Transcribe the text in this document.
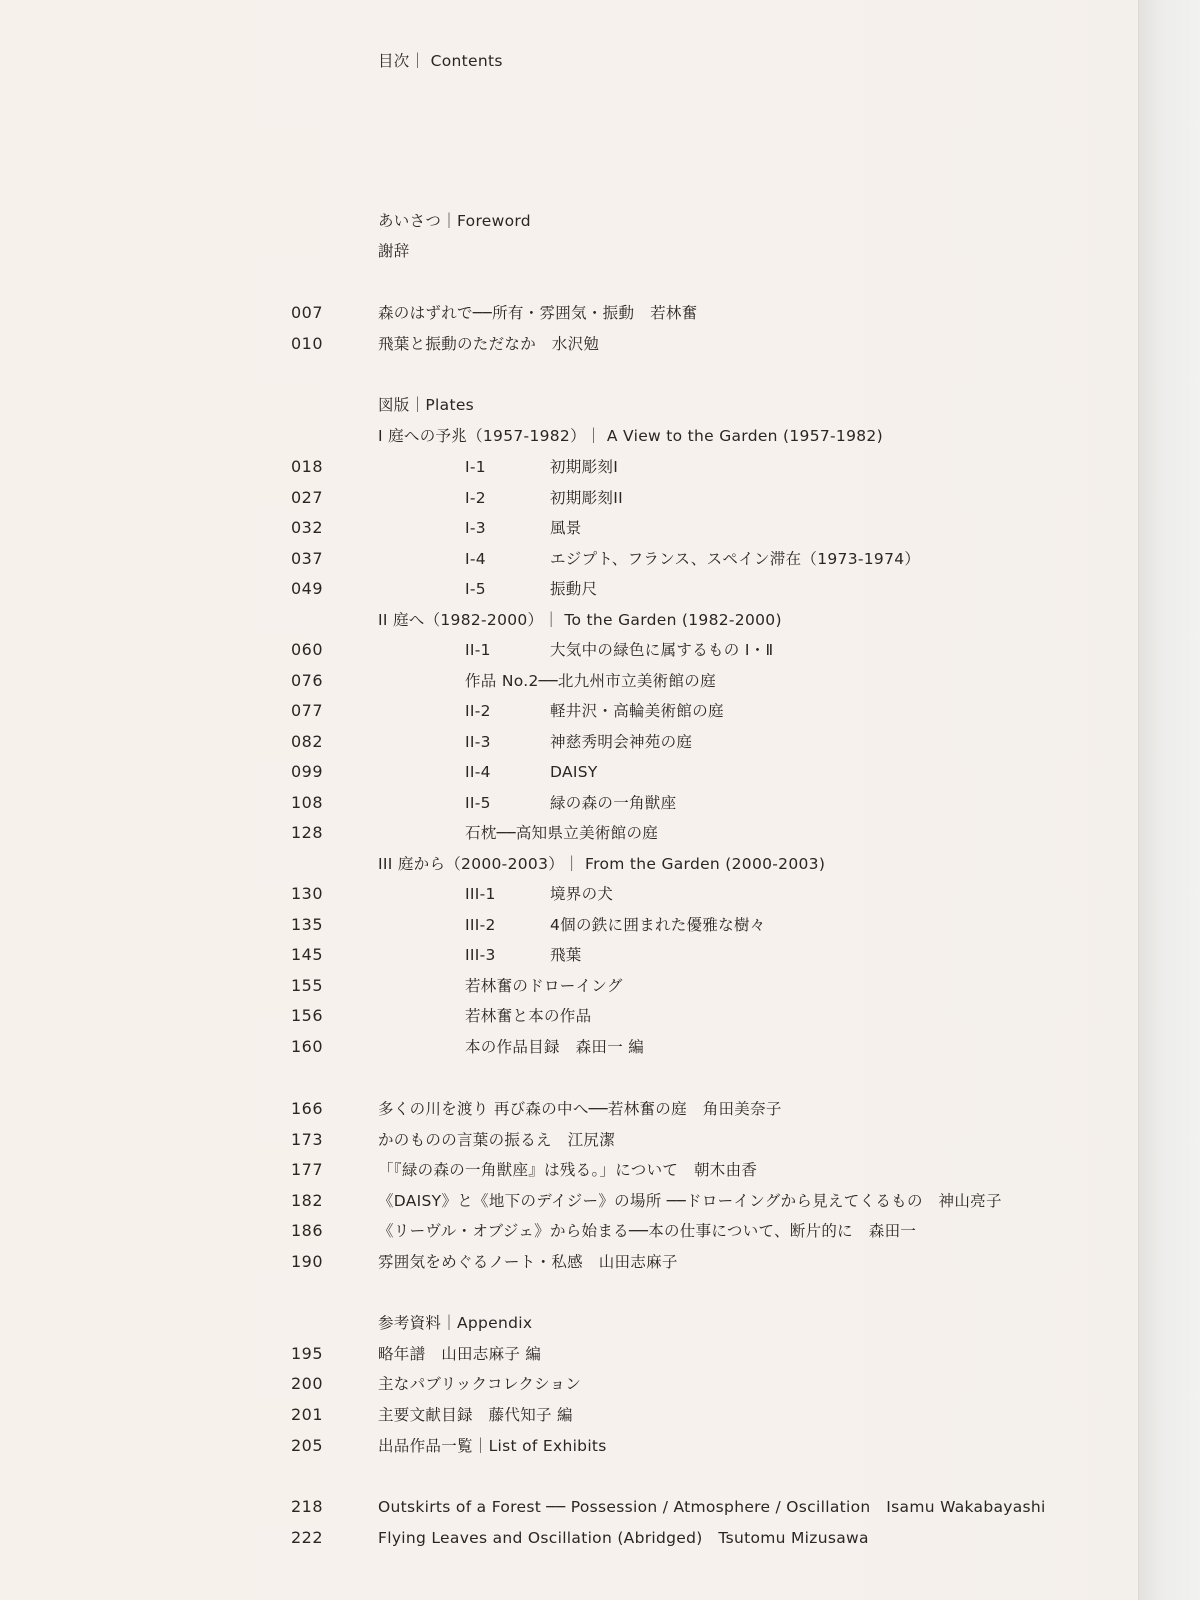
目次｜ Contents
あいさつ｜Foreword
謝辞
007	森のはずれで──所有・雰囲気・振動　若林奮
010	飛葉と振動のただなか　水沢勉
図版｜Plates
I 庭への予兆（1957-1982）｜ A View to the Garden (1957-1982)
018	I-1	初期彫刻I
027	I-2	初期彫刻II
032	I-3	風景
037	I-4	エジプト、フランス、スペイン滞在（1973-1974）
049	I-5	振動尺
II 庭へ（1982-2000）｜ To the Garden (1982-2000)
060	II-1	大気中の緑色に属するもの Ⅰ・Ⅱ
076	作品 No.2──北九州市立美術館の庭
077	II-2	軽井沢・高輪美術館の庭
082	II-3	神慈秀明会神苑の庭
099	II-4	DAISY
108	II-5	緑の森の一角獣座
128	石枕──高知県立美術館の庭
III 庭から（2000-2003）｜ From the Garden (2000-2003)
130	III-1	境界の犬
135	III-2	4個の鉄に囲まれた優雅な樹々
145	III-3	飛葉
155	若林奮のドローイング
156	若林奮と本の作品
160	本の作品目録　森田一 編
166	多くの川を渡り 再び森の中へ──若林奮の庭　角田美奈子
173	かのものの言葉の振るえ　江尻潔
177	「『緑の森の一角獣座』は残る。」について　朝木由香
182	《DAISY》と《地下のデイジー》の場所 ──ドローイングから見えてくるもの　神山亮子
186	《リーヴル・オブジェ》から始まる──本の仕事について、断片的に　森田一
190	雰囲気をめぐるノート・私感　山田志麻子
参考資料｜Appendix
195	略年譜　山田志麻子 編
200	主なパブリックコレクション
201	主要文献目録　藤代知子 編
205	出品作品一覧｜List of Exhibits
218	Outskirts of a Forest ── Possession / Atmosphere / Oscillation　Isamu Wakabayashi
222	Flying Leaves and Oscillation (Abridged)　Tsutomu Mizusawa
